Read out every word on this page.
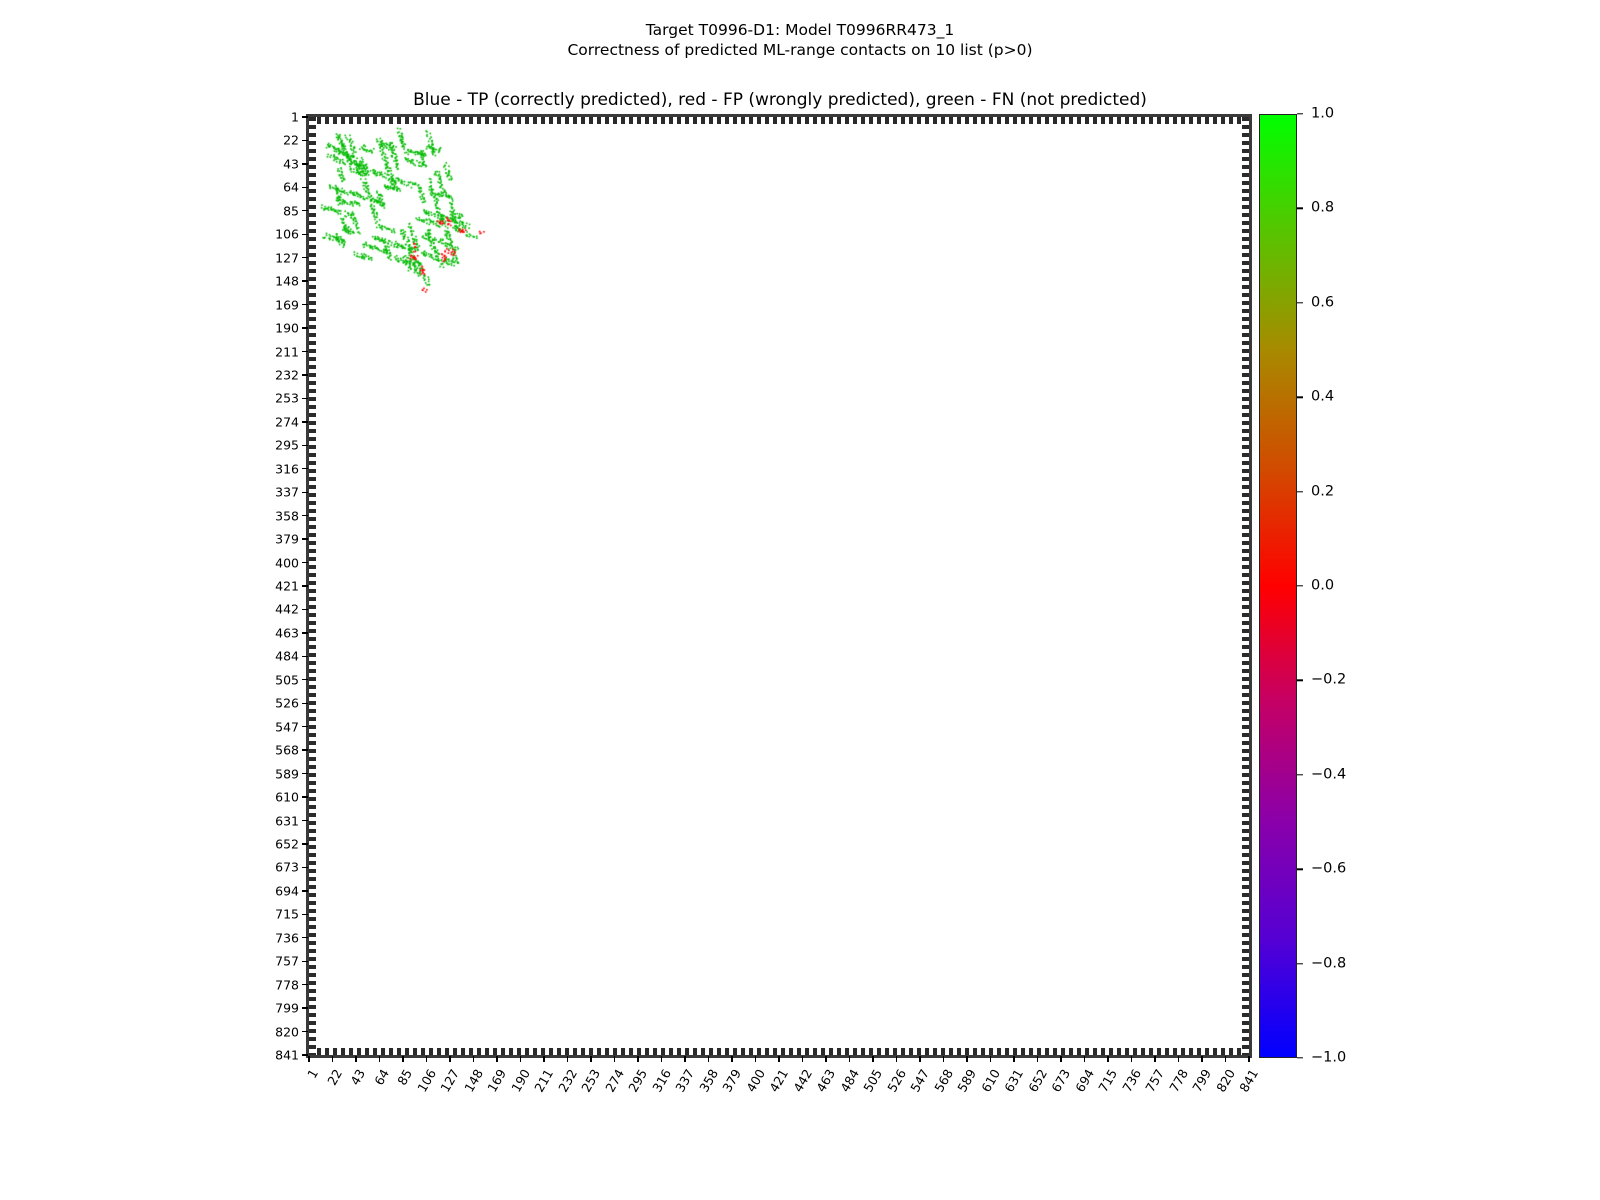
Target T0996-D1: Model T0996RR473_1
Correctness of predicted ML-range contacts on 10 list (p>0)
Blue - TP (correctly predicted), red - FP (wrongly predicted), green - FN (not predicted)
1
22
43
64
85
106
127
148
169
190
211
232
253
274
295
316
337
358
379
400
421
442
463
484
505
526
547
568
589
610
631
652
673
694
715
736
757
778
799
820
841
1 22 43 64 85
106
127
148
169
190
211
232
253
274
295
316
337
358
379
400
421
442
463
484
505
526
547
568
589
610
631
652
673
694
715
736
757
778
799
820
841
1.0
0.8
0.6
0.4
0.2
0.0
−0.2
−0.4
−0.6
−0.8
−1.0
